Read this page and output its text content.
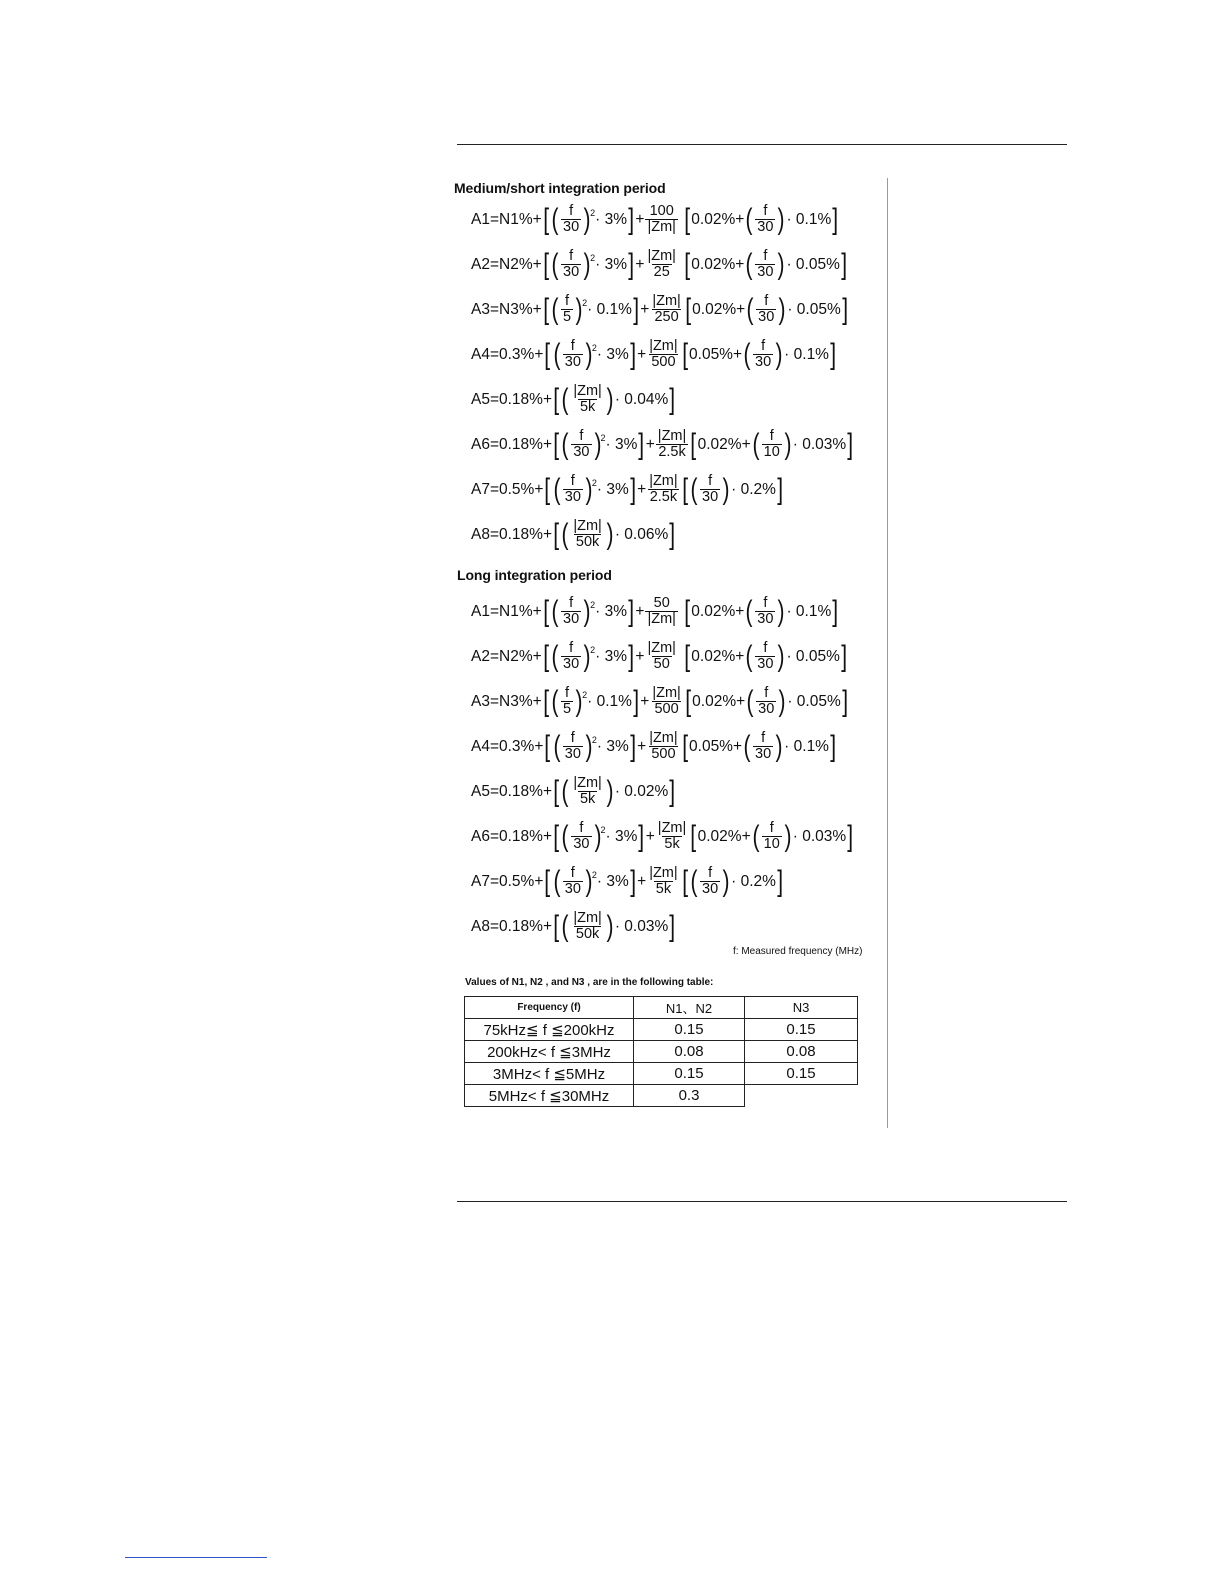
Medium/short integration period
A1=N1%+ ( [ $\frac{f}{30}$
) 2 · 3%
] + $\frac{100}{|Zm|}$ [ 0.02%+ ( $\frac{f}{30}$
) · 0.1%
]
A2=N2%+ ( [ $\frac{f}{30}$
) 2 · 3%
] + $\frac{|Zm|}{25}$ [ 0.02%+ ( $\frac{f}{30}$
) · 0.05%
]
A3=N3%+ ( [ $\frac{f}{5}$
) 2 · 0.1%
] + $\frac{|Zm|}{250}$ [ 0.02%+ ( $\frac{f}{30}$
) · 0.05%
]
A4=0.3%+ ( [ $\frac{f}{30}$
) 2 · 3%
] + $\frac{|Zm|}{500}$ [ 0.05%+ ( $\frac{f}{30}$
) · 0.1%
]
A5=0.18%+ ( [ $\frac{|Zm|}{5k}$
) · 0.04%
]
A6=0.18%+ ( [ $\frac{f}{30}$
) 2 · 3%
] + $\frac{|Zm|}{2.5k}$ [ 0.02%+ ( $\frac{f}{10}$
) · 0.03%
]
A7=0.5%+ ( [ $\frac{f}{30}$
) 2 · 3%
] + $\frac{|Zm|}{2.5k}$ ( [ $\frac{f}{30}$
) · 0.2%
]
A8=0.18%+ ( [ $\frac{|Zm|}{50k}$
) · 0.06%
]
Long integration period
A1=N1%+ ( [ $\frac{f}{30}$
) 2 · 3%
] + $\frac{50}{|Zm|}$ [ 0.02%+ ( $\frac{f}{30}$
) · 0.1%
]
A2=N2%+ ( [ $\frac{f}{30}$
) 2 · 3%
] + $\frac{|Zm|}{50}$ [ 0.02%+ ( $\frac{f}{30}$
) · 0.05%
]
A3=N3%+ ( [ $\frac{f}{5}$
) 2 · 0.1%
] + $\frac{|Zm|}{500}$ [ 0.02%+ ( $\frac{f}{30}$
) · 0.05%
]
A4=0.3%+ ( [ $\frac{f}{30}$
) 2 · 3%
] + $\frac{|Zm|}{500}$ [ 0.05%+ ( $\frac{f}{30}$
) · 0.1%
]
A5=0.18%+ ( [ $\frac{|Zm|}{5k}$
) · 0.02%
]
A6=0.18%+ ( [ $\frac{f}{30}$
) 2 · 3%
] + $\frac{|Zm|}{5k}$ [ 0.02%+ ( $\frac{f}{10}$
) · 0.03%
]
A7=0.5%+ ( [ $\frac{f}{30}$
) 2 · 3%
] + $\frac{|Zm|}{5k}$ ( [ $\frac{f}{30}$
) · 0.2%
]
A8=0.18%+ ( [ $\frac{|Zm|}{50k}$
) · 0.03%
]
f: Measured frequency (MHz)
Values of N1, N2 , and N3 , are in the following table:
Frequency (f)	N1、N2	N3
75kHz≦ f ≦200kHz	0.15	0.15
200kHz< f ≦3MHz	0.08	0.08
3MHz< f ≦5MHz	0.15	0.15
5MHz< f ≦30MHz	0.3	
